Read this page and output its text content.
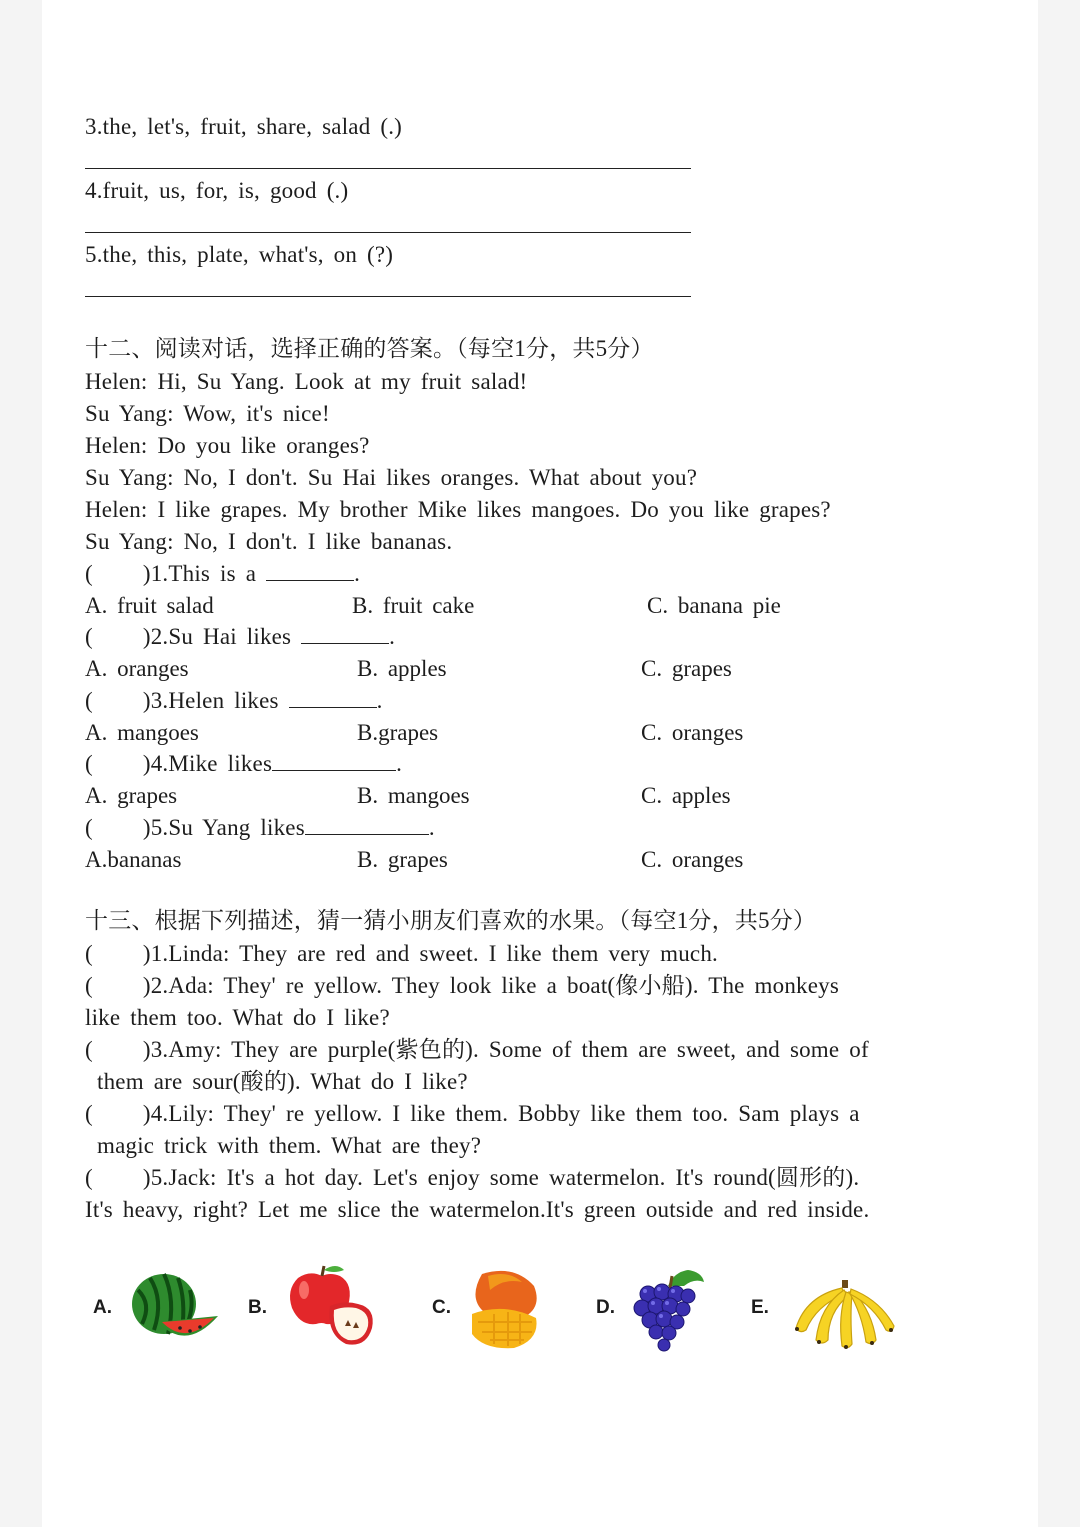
3.the, let's, fruit, share, salad (.)
4.fruit, us, for, is, good (.)
5.the, this, plate, what's, on (?)
十二、阅读对话，选择正确的答案。（每空1分，共5分）
Helen: Hi, Su Yang. Look at my fruit salad!
Su Yang: Wow, it's nice!
Helen: Do you like oranges?
Su Yang: No, I don't. Su Hai likes oranges. What about you?
Helen: I like grapes. My brother Mike likes mangoes. Do you like grapes?
Su Yang: No, I don't. I like bananas.
( )1.This is a	.
A. fruit salad	B. fruit cake	C. banana pie
( )2.Su Hai likes	.
A. oranges	B. apples	C. grapes
( )3.Helen likes	.
A. mangoes	B.grapes	C. oranges
( )4.Mike likes	.
A. grapes	B. mangoes	C. apples
( )5.Su Yang likes	.
A.bananas	B. grapes	C. oranges
十三、根据下列描述，猜一猜小朋友们喜欢的水果。（每空1分，共5分）
( )1.Linda: They are red and sweet. I like them very much.
( )2.Ada: They' re yellow. They look like a boat(像小船). The monkeys
like them too. What do I like?
( )3.Amy: They are purple(紫色的). Some of them are sweet, and some of
them are sour(酸的). What do I like?
( )4.Lily: They' re yellow. I like them. Bobby like them too. Sam plays a
magic trick with them. What are they?
( )5.Jack: It's a hot day. Let's enjoy some watermelon. It's round(圆形的).
It's heavy, right? Let me slice the watermelon.It's green outside and red inside.
A.	B.	C.	D.	E.
